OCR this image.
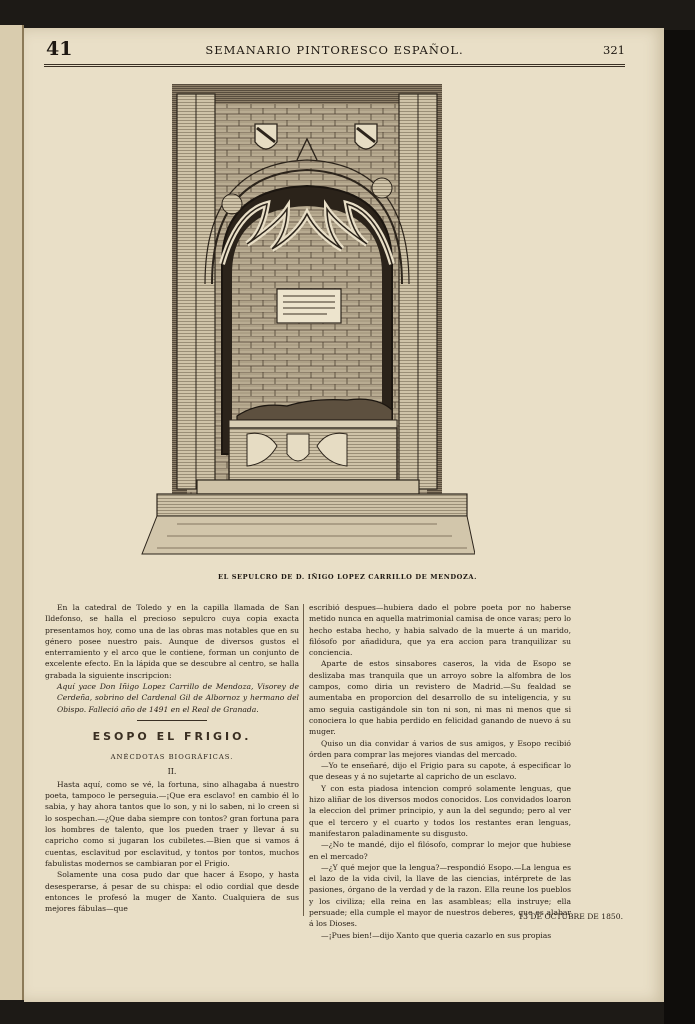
41	SEMANARIO PINTORESCO ESPAÑOL.	321
EL SEPULCRO DE D. IÑIGO LOPEZ CARRILLO DE MENDOZA.

En la catedral de Toledo y en la capilla llamada de San Ildefonso, se halla el precioso sepulcro cuya copia exacta presentamos hoy, como una de las obras mas notables que en su género posee nuestro pais. Aunque de diversos gustos el enterramiento y el arco que le contiene, forman un conjunto de excelente efecto. En la lápida que se descubre al centro, se halla grabada la siguiente inscripcion:

Aquí yace Don Iñigo Lopez Carrillo de Mendoza, Visorey de Cerdeña, sobrino del Cardenal Gil de Albornoz y hermano del Obispo. Falleció año de 1491 en el Real de Granada.

ESOPO EL FRIGIO.
ANÉCDOTAS BIOGRÁFICAS.
II.

Hasta aquí, como se vé, la fortuna, sino alhagaba á nuestro poeta, tampoco le perseguia.—¡Que era esclavo! en cambio él lo sabia, y hay ahora tantos que lo son, y ni lo saben, ni lo creen si lo sospechan.—¿Que daba siempre con tontos? gran fortuna para los hombres de talento, que los pueden traer y llevar á su capricho como si jugaran los cubiletes.—Bien que si vamos á cuentas, esclavitud por esclavitud, y tontos por tontos, muchos fabulistas modernos se cambiaran por el Frigio.

Solamente una cosa pudo dar que hacer á Esopo, y hasta desesperarse, á pesar de su chispa: el odio cordial que desde entonces le profesó la muger de Xanto. Cualquiera de sus mejores fábulas—que

escribió despues—hubiera dado el pobre poeta por no haberse metido nunca en aquella matrimonial camisa de once varas; pero lo hecho estaba hecho, y habia salvado de la muerte á un marido, filósofo por añadidura, que ya era accion para tranquilizar su conciencia.

Aparte de estos sinsabores caseros, la vida de Esopo se deslizaba mas tranquila que un arroyo sobre la alfombra de los campos, como diria un revistero de Madrid.—Su fealdad se aumentaba en proporcion del desarrollo de su inteligencia, y su amo seguia castigándole sin ton ni son, ni mas ni menos que si conociera lo que habia perdido en felicidad ganando de nuevo á su muger.

Quiso un dia convidar á varios de sus amigos, y Esopo recibió órden para comprar las mejores viandas del mercado.

—Yo te enseñaré, dijo el Frigio para su capote, á especificar lo que deseas y á no sujetarte al capricho de un esclavo.

Y con esta piadosa intencion compró solamente lenguas, que hizo aliñar de los diversos modos conocidos. Los convidados loaron la eleccion del primer principio, y aun la del segundo; pero al ver que el tercero y el cuarto y todos los restantes eran lenguas, manifestaron paladinamente su disgusto.

—¿No te mandé, dijo el filósofo, comprar lo mejor que hubiese en el mercado?

—¿Y qué mejor que la lengua?—respondió Esopo.—La lengua es el lazo de la vida civil, la llave de las ciencias, intérprete de las pasiones, órgano de la verdad y de la razon. Ella reune los pueblos y los civiliza; ella reina en las asambleas; ella instruye; ella persuade; ella cumple el mayor de nuestros deberes, que es alabar á los Dioses.

—¡Pues bien!—dijo Xanto que queria cazarlo en sus propias

13 DE OCTUBRE DE 1850.
